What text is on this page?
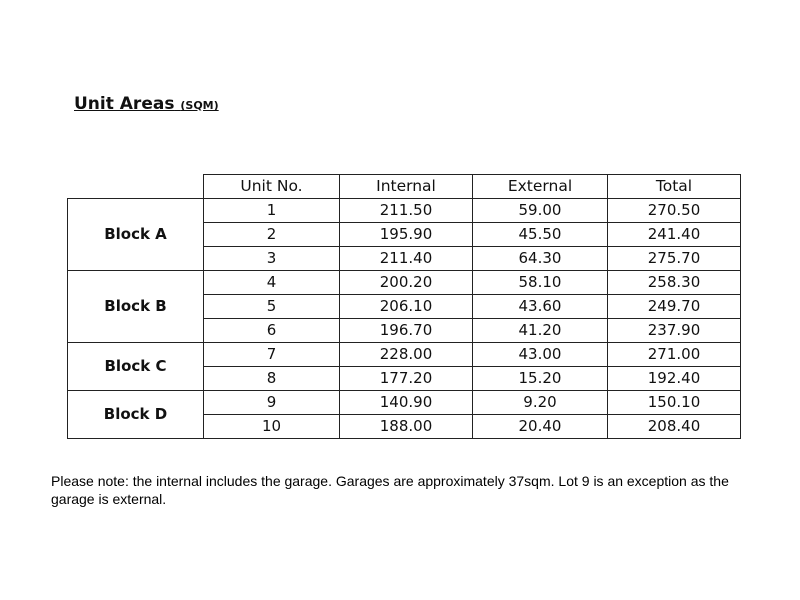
Unit Areas (SQM)
	Unit No.	Internal	External	Total
Block A	1	211.50	59.00	270.50
	2	195.90	45.50	241.40
	3	211.40	64.30	275.70
Block B	4	200.20	58.10	258.30
	5	206.10	43.60	249.70
	6	196.70	41.20	237.90
Block C	7	228.00	43.00	271.00
	8	177.20	15.20	192.40
Block D	9	140.90	9.20	150.10
	10	188.00	20.40	208.40
Please note: the internal includes the garage. Garages are approximately 37sqm. Lot 9 is an exception as the garage is external.
